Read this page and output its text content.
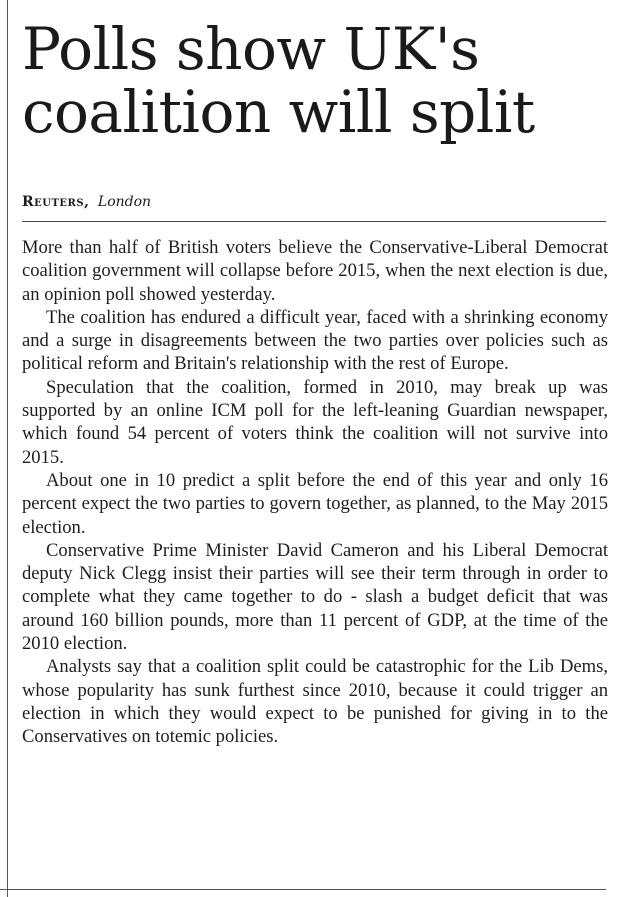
Polls show UK's coalition will split
Reuters, London

More than half of British voters believe the Conservative-Liberal Democrat coalition government will collapse before 2015, when the next election is due, an opinion poll showed yesterday.

The coalition has endured a difficult year, faced with a shrinking economy and a surge in disagreements between the two parties over policies such as political reform and Britain's relationship with the rest of Europe.

Speculation that the coalition, formed in 2010, may break up was supported by an online ICM poll for the left-leaning Guardian newspaper, which found 54 percent of voters think the coalition will not survive into 2015.

About one in 10 predict a split before the end of this year and only 16 percent expect the two parties to govern together, as planned, to the May 2015 election.

Conservative Prime Minister David Cameron and his Liberal Democrat deputy Nick Clegg insist their parties will see their term through in order to complete what they came together to do - slash a budget deficit that was around 160 billion pounds, more than 11 percent of GDP, at the time of the 2010 election.

Analysts say that a coalition split could be catastrophic for the Lib Dems, whose popularity has sunk furthest since 2010, because it could trigger an election in which they would expect to be punished for giving in to the Conservatives on totemic policies.
